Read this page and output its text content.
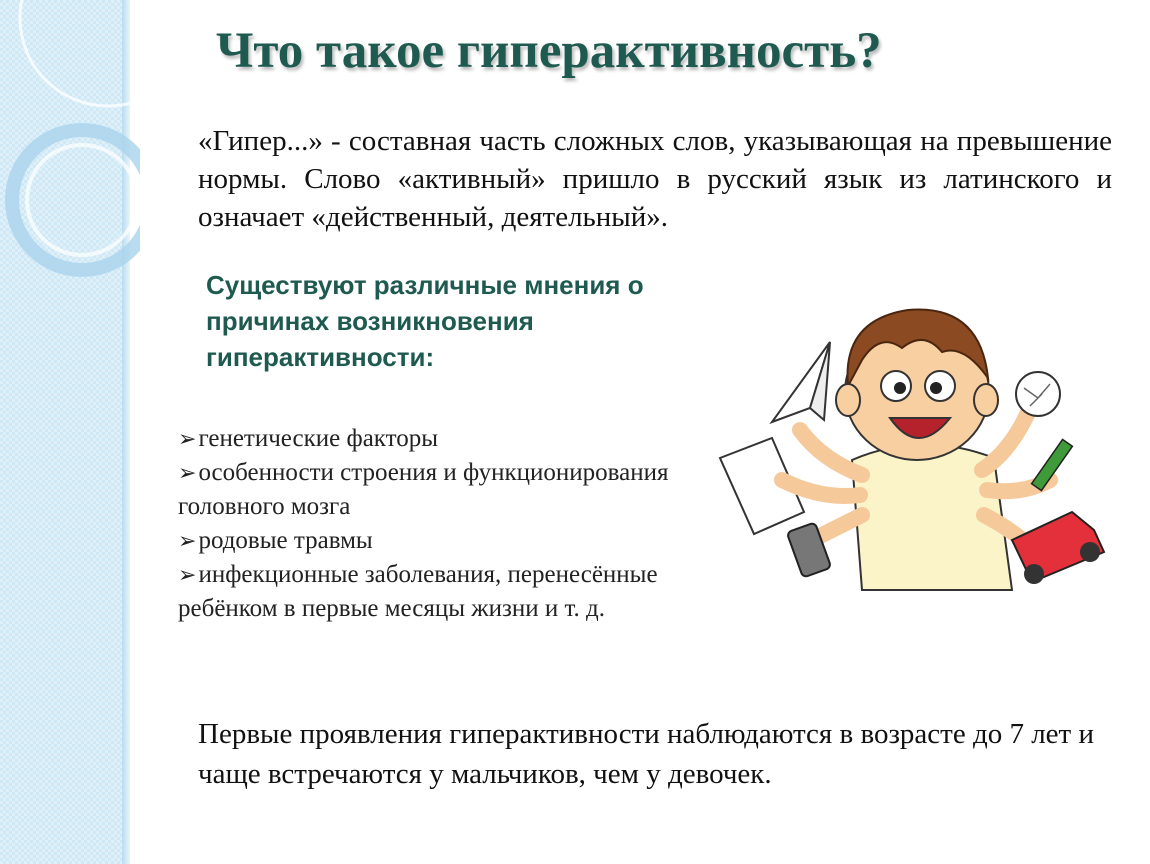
Что такое гиперактивность?
«Гипер...» - составная часть сложных слов, указывающая на превышение нормы. Слово «активный» пришло в русский язык из латинского и означает «действенный, деятельный».
Существуют различные мнения о причинах возникновения гиперактивности:
➢генетические факторы
➢особенности строения и функционирования головного мозга
➢родовые травмы
➢инфекционные заболевания, перенесённые ребёнком в первые месяцы жизни и т. д.
Первые проявления гиперактивности наблюдаются в возрасте до 7 лет и чаще встречаются у мальчиков, чем у девочек.
